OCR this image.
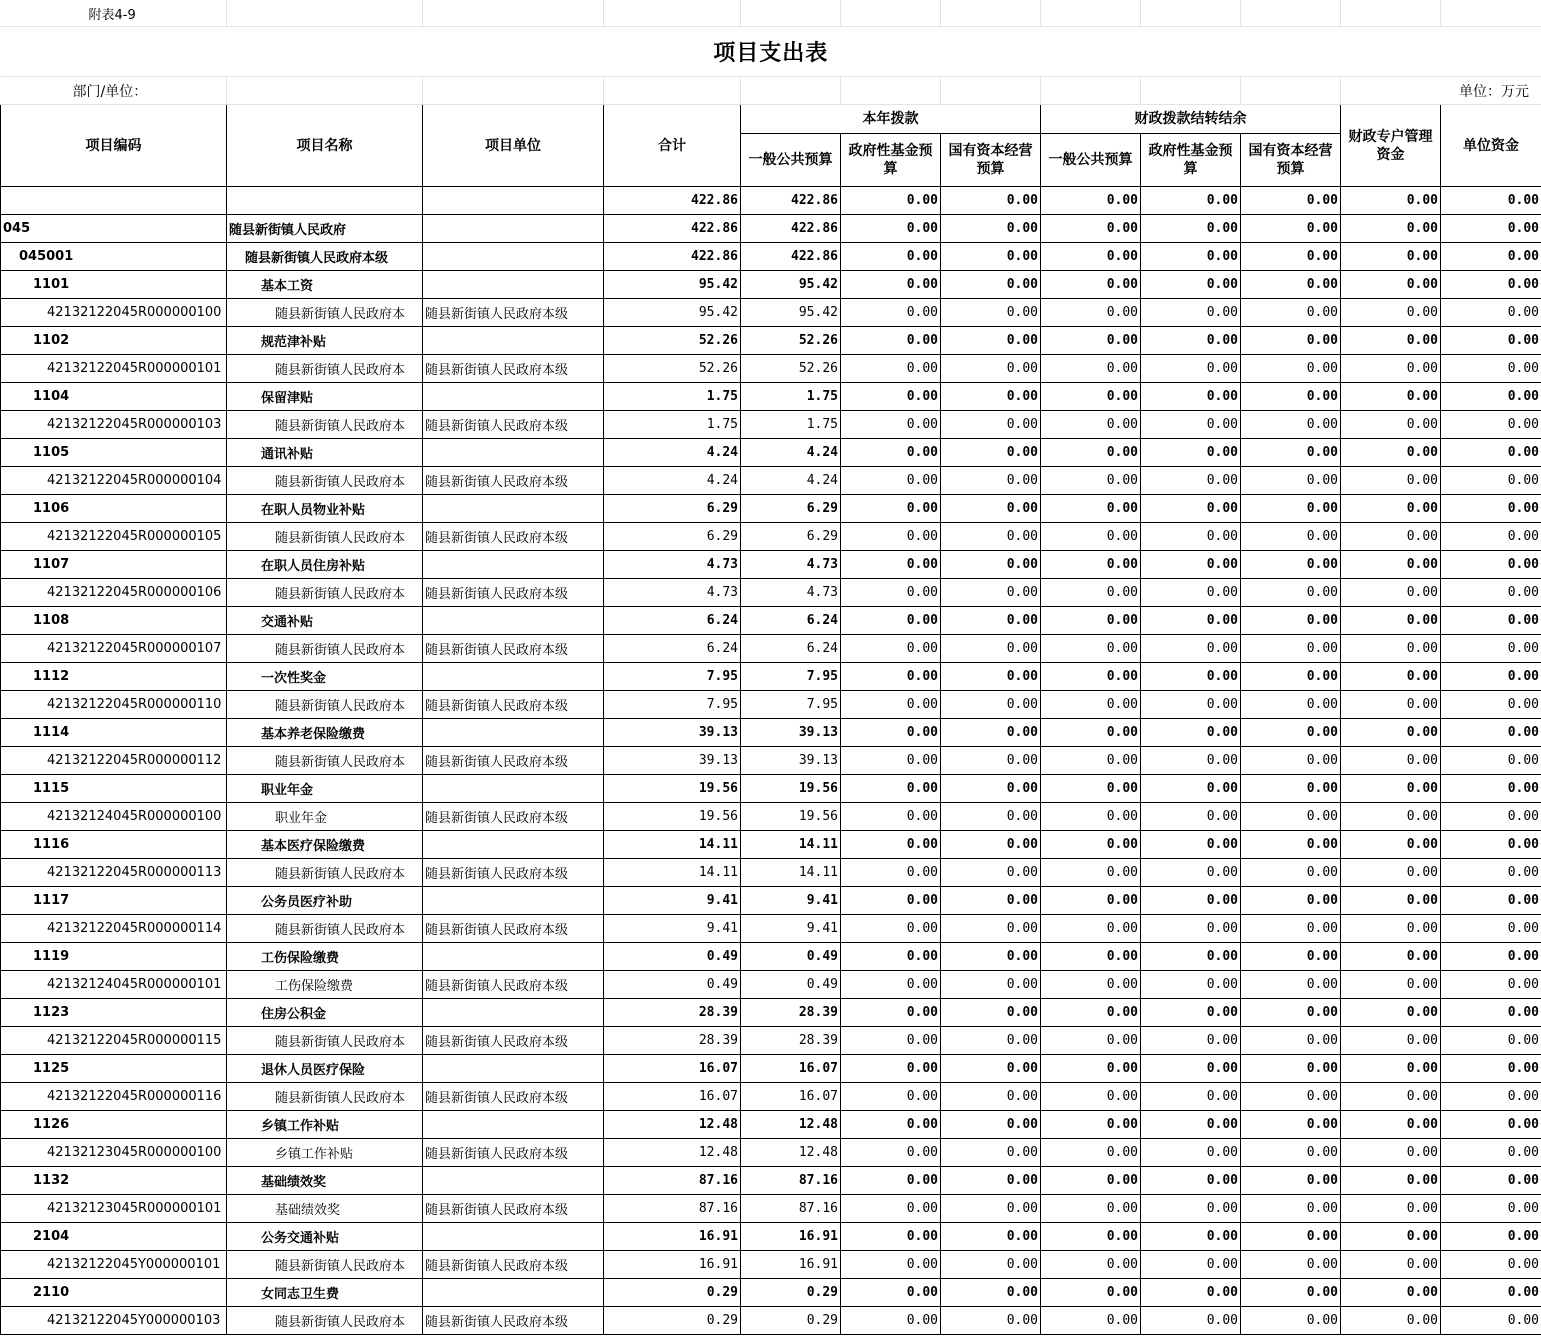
附表4-9											
项目支出表											
部门/单位：										单位：万元	
项目编码	项目名称	项目单位	合计	本年拨款			财政拨款结转结余			财政专户管理资金	单位资金
				一般公共预算	政府性基金预算	国有资本经营预算	一般公共预算	政府性基金预算	国有资本经营预算		
			422.86	422.86	0.00	0.00	0.00	0.00	0.00	0.00	0.00
045	随县新街镇人民政府		422.86	422.86	0.00	0.00	0.00	0.00	0.00	0.00	0.00
045001	随县新街镇人民政府本级		422.86	422.86	0.00	0.00	0.00	0.00	0.00	0.00	0.00
1101	基本工资		95.42	95.42	0.00	0.00	0.00	0.00	0.00	0.00	0.00
42132122045R000000100	随县新街镇人民政府本	随县新街镇人民政府本级	95.42	95.42	0.00	0.00	0.00	0.00	0.00	0.00	0.00
1102	规范津补贴		52.26	52.26	0.00	0.00	0.00	0.00	0.00	0.00	0.00
42132122045R000000101	随县新街镇人民政府本	随县新街镇人民政府本级	52.26	52.26	0.00	0.00	0.00	0.00	0.00	0.00	0.00
1104	保留津贴		1.75	1.75	0.00	0.00	0.00	0.00	0.00	0.00	0.00
42132122045R000000103	随县新街镇人民政府本	随县新街镇人民政府本级	1.75	1.75	0.00	0.00	0.00	0.00	0.00	0.00	0.00
1105	通讯补贴		4.24	4.24	0.00	0.00	0.00	0.00	0.00	0.00	0.00
42132122045R000000104	随县新街镇人民政府本	随县新街镇人民政府本级	4.24	4.24	0.00	0.00	0.00	0.00	0.00	0.00	0.00
1106	在职人员物业补贴		6.29	6.29	0.00	0.00	0.00	0.00	0.00	0.00	0.00
42132122045R000000105	随县新街镇人民政府本	随县新街镇人民政府本级	6.29	6.29	0.00	0.00	0.00	0.00	0.00	0.00	0.00
1107	在职人员住房补贴		4.73	4.73	0.00	0.00	0.00	0.00	0.00	0.00	0.00
42132122045R000000106	随县新街镇人民政府本	随县新街镇人民政府本级	4.73	4.73	0.00	0.00	0.00	0.00	0.00	0.00	0.00
1108	交通补贴		6.24	6.24	0.00	0.00	0.00	0.00	0.00	0.00	0.00
42132122045R000000107	随县新街镇人民政府本	随县新街镇人民政府本级	6.24	6.24	0.00	0.00	0.00	0.00	0.00	0.00	0.00
1112	一次性奖金		7.95	7.95	0.00	0.00	0.00	0.00	0.00	0.00	0.00
42132122045R000000110	随县新街镇人民政府本	随县新街镇人民政府本级	7.95	7.95	0.00	0.00	0.00	0.00	0.00	0.00	0.00
1114	基本养老保险缴费		39.13	39.13	0.00	0.00	0.00	0.00	0.00	0.00	0.00
42132122045R000000112	随县新街镇人民政府本	随县新街镇人民政府本级	39.13	39.13	0.00	0.00	0.00	0.00	0.00	0.00	0.00
1115	职业年金		19.56	19.56	0.00	0.00	0.00	0.00	0.00	0.00	0.00
42132124045R000000100	职业年金	随县新街镇人民政府本级	19.56	19.56	0.00	0.00	0.00	0.00	0.00	0.00	0.00
1116	基本医疗保险缴费		14.11	14.11	0.00	0.00	0.00	0.00	0.00	0.00	0.00
42132122045R000000113	随县新街镇人民政府本	随县新街镇人民政府本级	14.11	14.11	0.00	0.00	0.00	0.00	0.00	0.00	0.00
1117	公务员医疗补助		9.41	9.41	0.00	0.00	0.00	0.00	0.00	0.00	0.00
42132122045R000000114	随县新街镇人民政府本	随县新街镇人民政府本级	9.41	9.41	0.00	0.00	0.00	0.00	0.00	0.00	0.00
1119	工伤保险缴费		0.49	0.49	0.00	0.00	0.00	0.00	0.00	0.00	0.00
42132124045R000000101	工伤保险缴费	随县新街镇人民政府本级	0.49	0.49	0.00	0.00	0.00	0.00	0.00	0.00	0.00
1123	住房公积金		28.39	28.39	0.00	0.00	0.00	0.00	0.00	0.00	0.00
42132122045R000000115	随县新街镇人民政府本	随县新街镇人民政府本级	28.39	28.39	0.00	0.00	0.00	0.00	0.00	0.00	0.00
1125	退休人员医疗保险		16.07	16.07	0.00	0.00	0.00	0.00	0.00	0.00	0.00
42132122045R000000116	随县新街镇人民政府本	随县新街镇人民政府本级	16.07	16.07	0.00	0.00	0.00	0.00	0.00	0.00	0.00
1126	乡镇工作补贴		12.48	12.48	0.00	0.00	0.00	0.00	0.00	0.00	0.00
42132123045R000000100	乡镇工作补贴	随县新街镇人民政府本级	12.48	12.48	0.00	0.00	0.00	0.00	0.00	0.00	0.00
1132	基础绩效奖		87.16	87.16	0.00	0.00	0.00	0.00	0.00	0.00	0.00
42132123045R000000101	基础绩效奖	随县新街镇人民政府本级	87.16	87.16	0.00	0.00	0.00	0.00	0.00	0.00	0.00
2104	公务交通补贴		16.91	16.91	0.00	0.00	0.00	0.00	0.00	0.00	0.00
42132122045Y000000101	随县新街镇人民政府本	随县新街镇人民政府本级	16.91	16.91	0.00	0.00	0.00	0.00	0.00	0.00	0.00
2110	女同志卫生费		0.29	0.29	0.00	0.00	0.00	0.00	0.00	0.00	0.00
42132122045Y000000103	随县新街镇人民政府本	随县新街镇人民政府本级	0.29	0.29	0.00	0.00	0.00	0.00	0.00	0.00	0.00
